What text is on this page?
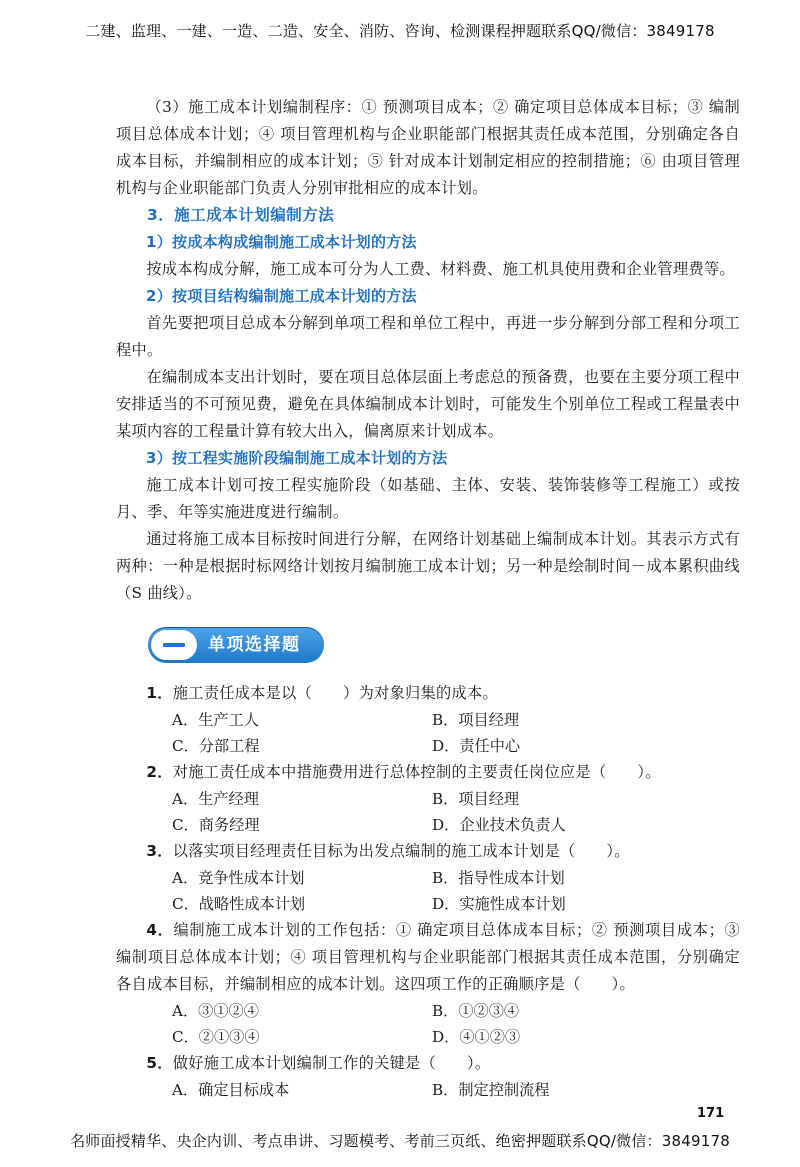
二建、监理、一建、一造、二造、安全、消防、咨询、检测课程押题联系QQ/微信：3849178

（3）施工成本计划编制程序：① 预测项目成本；② 确定项目总体成本目标；③ 编制项目总体成本计划；④ 项目管理机构与企业职能部门根据其责任成本范围，分别确定各自成本目标，并编制相应的成本计划；⑤ 针对成本计划制定相应的控制措施；⑥ 由项目管理机构与企业职能部门负责人分别审批相应的成本计划。

3．施工成本计划编制方法

1）按成本构成编制施工成本计划的方法

按成本构成分解，施工成本可分为人工费、材料费、施工机具使用费和企业管理费等。

2）按项目结构编制施工成本计划的方法

首先要把项目总成本分解到单项工程和单位工程中，再进一步分解到分部工程和分项工程中。

在编制成本支出计划时，要在项目总体层面上考虑总的预备费，也要在主要分项工程中安排适当的不可预见费，避免在具体编制成本计划时，可能发生个别单位工程或工程量表中某项内容的工程量计算有较大出入，偏离原来计划成本。

3）按工程实施阶段编制施工成本计划的方法

施工成本计划可按工程实施阶段（如基础、主体、安装、装饰装修等工程施工）或按月、季、年等实施进度进行编制。

通过将施工成本目标按时间进行分解，在网络计划基础上编制成本计划。其表示方式有两种：一种是根据时标网络计划按月编制施工成本计划；另一种是绘制时间－成本累积曲线（S 曲线）。

单项选择题

1．施工责任成本是以（　　）为对象归集的成本。

A．生产工人	B．项目经理
C．分部工程	D．责任中心

2．对施工责任成本中措施费用进行总体控制的主要责任岗位应是（　　）。

A．生产经理	B．项目经理
C．商务经理	D．企业技术负责人

3．以落实项目经理责任目标为出发点编制的施工成本计划是（　　）。

A．竞争性成本计划	B．指导性成本计划
C．战略性成本计划	D．实施性成本计划

4．编制施工成本计划的工作包括：① 确定项目总体成本目标；② 预测项目成本；③ 编制项目总体成本计划；④ 项目管理机构与企业职能部门根据其责任成本范围，分别确定各自成本目标，并编制相应的成本计划。这四项工作的正确顺序是（　　）。

A．③①②④	B．①②③④
C．②①③④	D．④①②③

5．做好施工成本计划编制工作的关键是（　　）。

A．确定目标成本	B．制定控制流程
171
名师面授精华、央企内训、考点串讲、习题模考、考前三页纸、绝密押题联系QQ/微信：3849178
